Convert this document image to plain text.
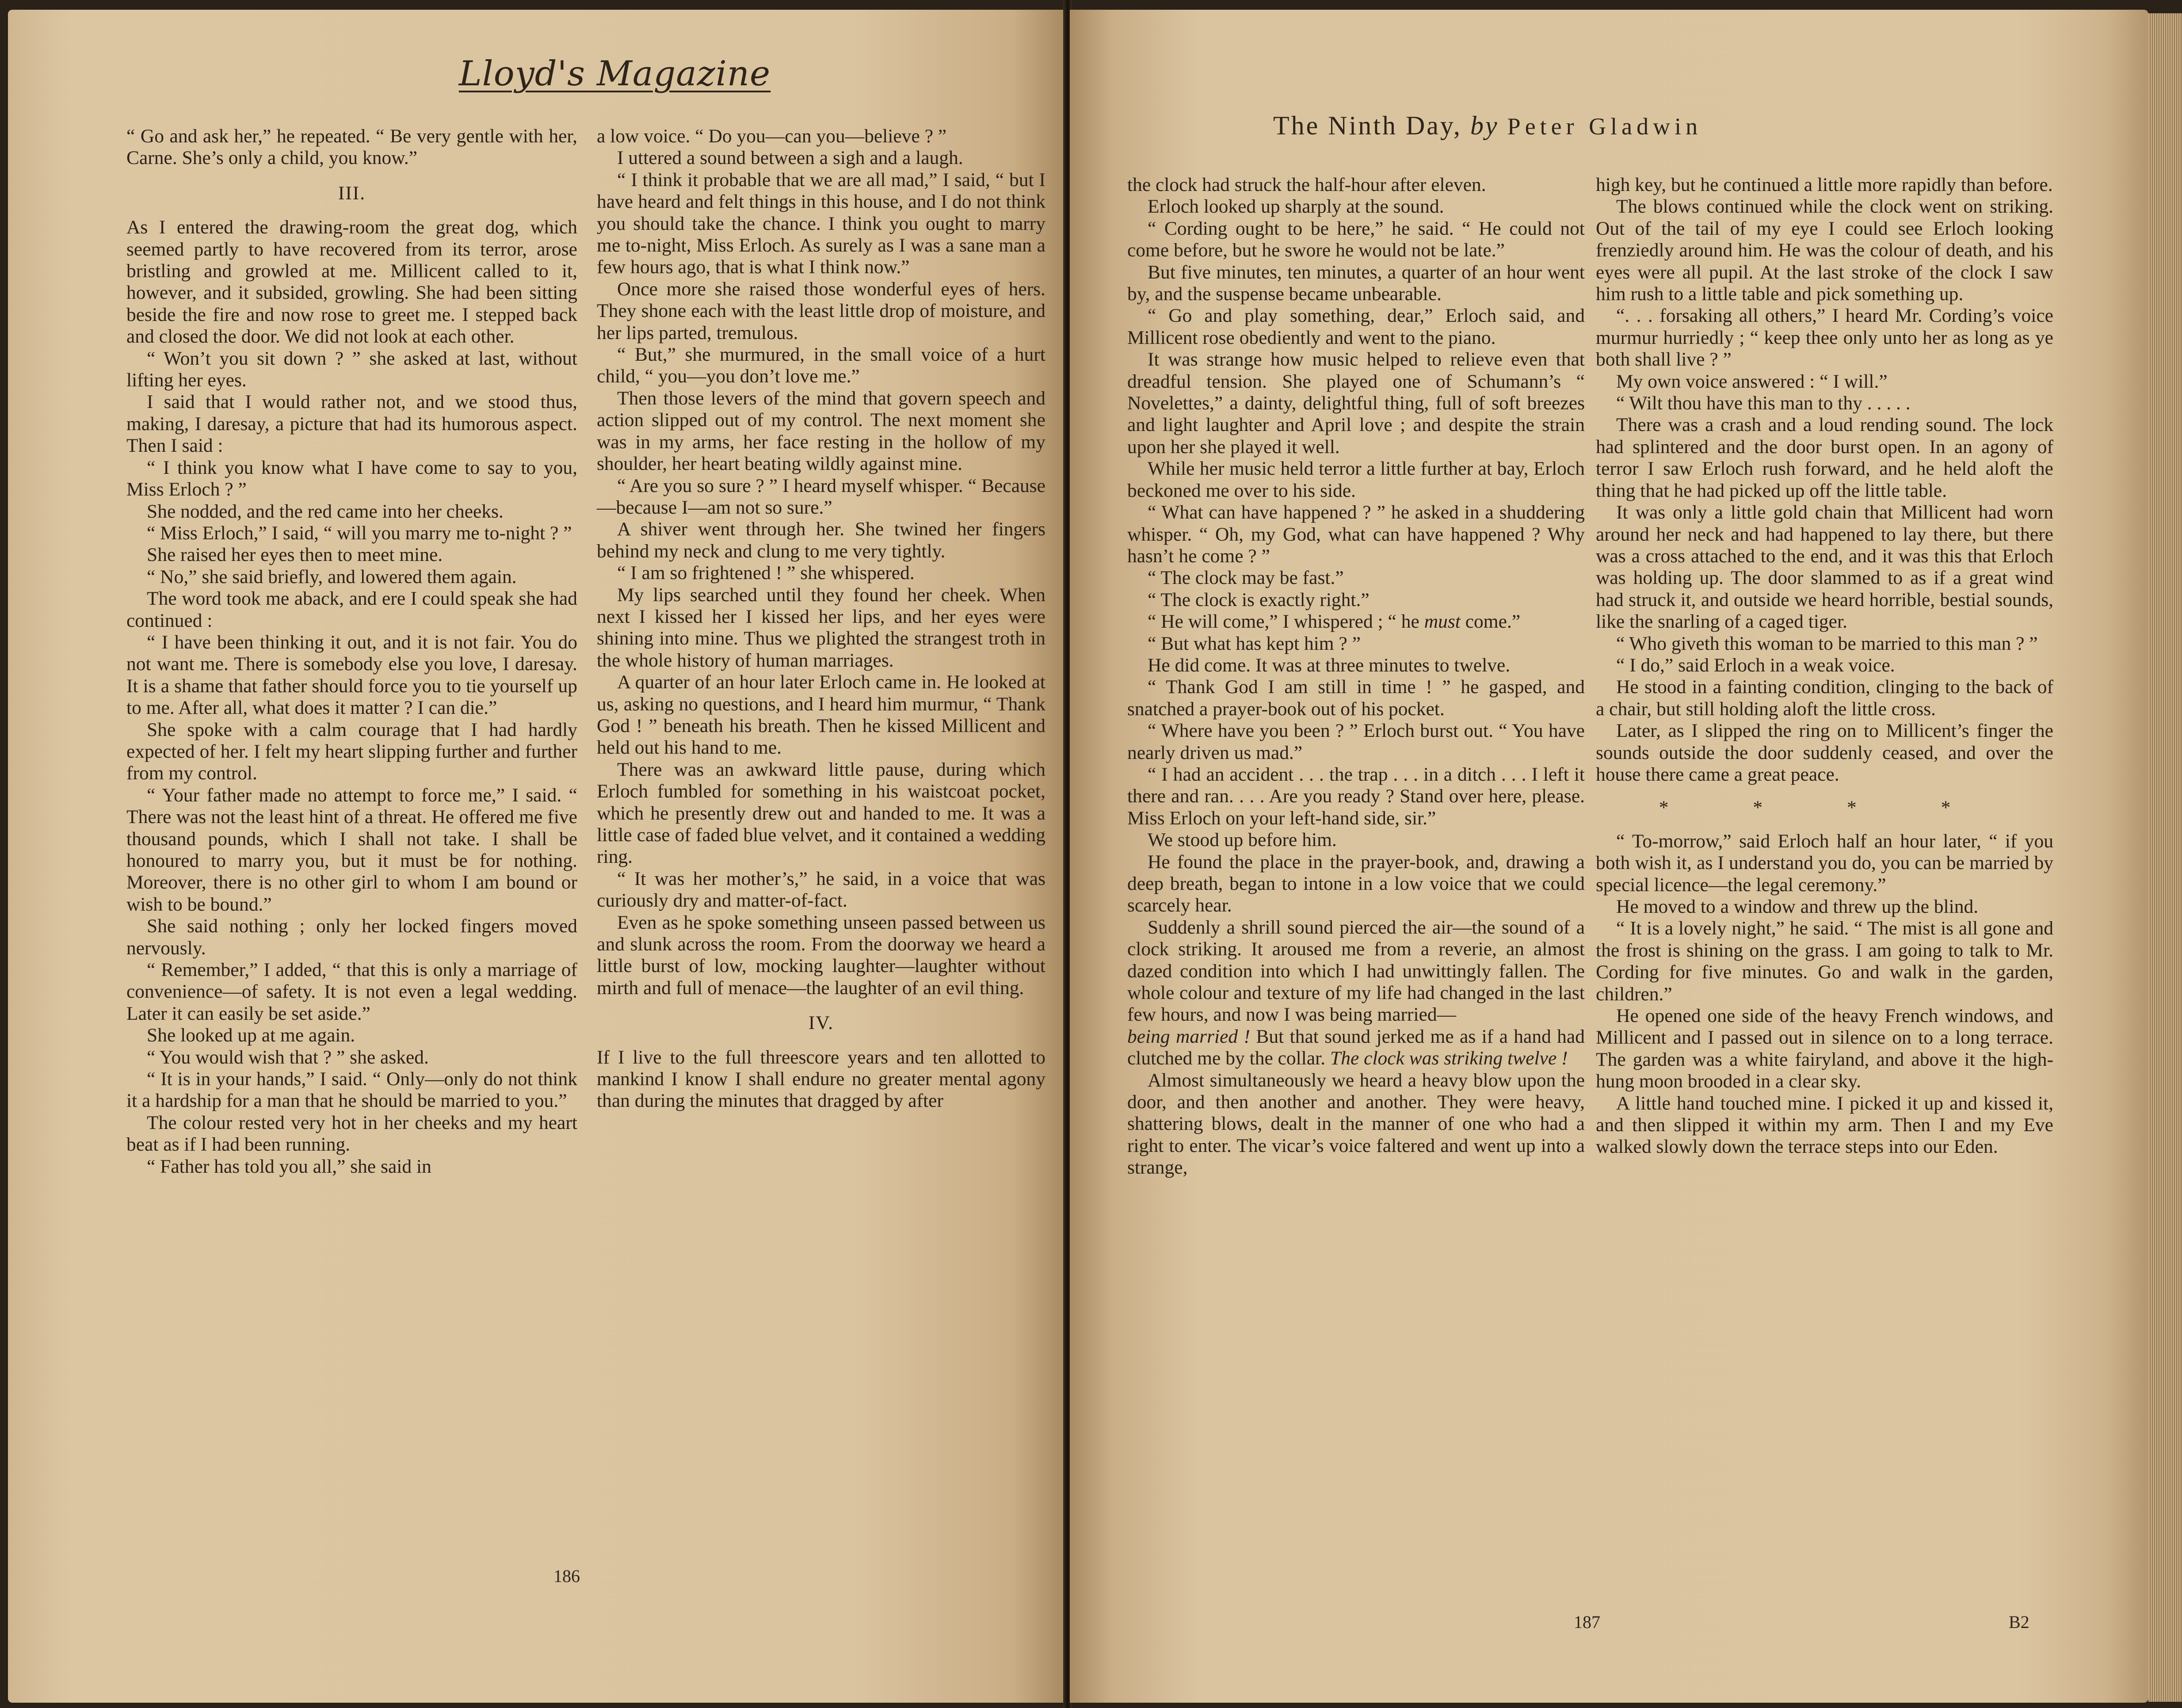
Lloyd's Magazine

“ Go and ask her,” he repeated. “ Be very gentle with her, Carne. She’s only a child, you know.”

III.

As I entered the drawing-room the great dog, which seemed partly to have recovered from its terror, arose bristling and growled at me. Millicent called to it, however, and it subsided, growling. She had been sitting beside the fire and now rose to greet me. I stepped back and closed the door. We did not look at each other.

“ Won’t you sit down ? ” she asked at last, without lifting her eyes.

I said that I would rather not, and we stood thus, making, I daresay, a picture that had its humorous aspect. Then I said :

“ I think you know what I have come to say to you, Miss Erloch ? ”

She nodded, and the red came into her cheeks.

“ Miss Erloch,” I said, “ will you marry me to-night ? ”

She raised her eyes then to meet mine.

“ No,” she said briefly, and lowered them again.

The word took me aback, and ere I could speak she had continued :

“ I have been thinking it out, and it is not fair. You do not want me. There is somebody else you love, I daresay. It is a shame that father should force you to tie yourself up to me. After all, what does it matter ? I can die.”

She spoke with a calm courage that I had hardly expected of her. I felt my heart slipping further and further from my control.

“ Your father made no attempt to force me,” I said. “ There was not the least hint of a threat. He offered me five thousand pounds, which I shall not take. I shall be honoured to marry you, but it must be for nothing. Moreover, there is no other girl to whom I am bound or wish to be bound.”

She said nothing ; only her locked fingers moved nervously.

“ Remember,” I added, “ that this is only a marriage of convenience—of safety. It is not even a legal wedding. Later it can easily be set aside.”

She looked up at me again.

“ You would wish that ? ” she asked.

“ It is in your hands,” I said. “ Only—only do not think it a hardship for a man that he should be married to you.”

The colour rested very hot in her cheeks and my heart beat as if I had been running.

“ Father has told you all,” she said in

a low voice. “ Do you—can you—believe ? ”

I uttered a sound between a sigh and a laugh.

“ I think it probable that we are all mad,” I said, “ but I have heard and felt things in this house, and I do not think you should take the chance. I think you ought to marry me to-night, Miss Erloch. As surely as I was a sane man a few hours ago, that is what I think now.”

Once more she raised those wonderful eyes of hers. They shone each with the least little drop of moisture, and her lips parted, tremulous.

“ But,” she murmured, in the small voice of a hurt child, “ you—you don’t love me.”

Then those levers of the mind that govern speech and action slipped out of my control. The next moment she was in my arms, her face resting in the hollow of my shoulder, her heart beating wildly against mine.

“ Are you so sure ? ” I heard myself whisper. “ Because—because I—am not so sure.”

A shiver went through her. She twined her fingers behind my neck and clung to me very tightly.

“ I am so frightened ! ” she whispered.

My lips searched until they found her cheek. When next I kissed her I kissed her lips, and her eyes were shining into mine. Thus we plighted the strangest troth in the whole history of human marriages.

A quarter of an hour later Erloch came in. He looked at us, asking no questions, and I heard him murmur, “ Thank God ! ” beneath his breath. Then he kissed Millicent and held out his hand to me.

There was an awkward little pause, during which Erloch fumbled for something in his waistcoat pocket, which he presently drew out and handed to me. It was a little case of faded blue velvet, and it contained a wedding ring.

“ It was her mother’s,” he said, in a voice that was curiously dry and matter-of-fact.

Even as he spoke something unseen passed between us and slunk across the room. From the doorway we heard a little burst of low, mocking laughter—laughter without mirth and full of menace—the laughter of an evil thing.

IV.

If I live to the full threescore years and ten allotted to mankind I know I shall endure no greater mental agony than during the minutes that dragged by after

186
The Ninth Day, by Peter Gladwin

the clock had struck the half-hour after eleven.

Erloch looked up sharply at the sound.

“ Cording ought to be here,” he said. “ He could not come before, but he swore he would not be late.”

But five minutes, ten minutes, a quarter of an hour went by, and the suspense became unbearable.

“ Go and play something, dear,” Erloch said, and Millicent rose obediently and went to the piano.

It was strange how music helped to relieve even that dreadful tension. She played one of Schumann’s “ Novelettes,” a dainty, delightful thing, full of soft breezes and light laughter and April love ; and despite the strain upon her she played it well.

While her music held terror a little further at bay, Erloch beckoned me over to his side.

“ What can have happened ? ” he asked in a shuddering whisper. “ Oh, my God, what can have happened ? Why hasn’t he come ? ”

“ The clock may be fast.”

“ The clock is exactly right.”

“ He will come,” I whispered ; “ he must come.”

“ But what has kept him ? ”

He did come. It was at three minutes to twelve.

“ Thank God I am still in time ! ” he gasped, and snatched a prayer-book out of his pocket.

“ Where have you been ? ” Erloch burst out. “ You have nearly driven us mad.”

“ I had an accident . . . the trap . . . in a ditch . . . I left it there and ran. . . . Are you ready ? Stand over here, please. Miss Erloch on your left-hand side, sir.”

We stood up before him.

He found the place in the prayer-book, and, drawing a deep breath, began to intone in a low voice that we could scarcely hear.

Suddenly a shrill sound pierced the air—the sound of a clock striking. It aroused me from a reverie, an almost dazed condition into which I had unwittingly fallen. The whole colour and texture of my life had changed in the last few hours, and now I was being married—

being married ! But that sound jerked me as if a hand had clutched me by the collar. The clock was striking twelve !

Almost simultaneously we heard a heavy blow upon the door, and then another and another. They were heavy, shattering blows, dealt in the manner of one who had a right to enter. The vicar’s voice faltered and went up into a strange,

high key, but he continued a little more rapidly than before.

The blows continued while the clock went on striking. Out of the tail of my eye I could see Erloch looking frenziedly around him. He was the colour of death, and his eyes were all pupil. At the last stroke of the clock I saw him rush to a little table and pick something up.

“. . . forsaking all others,” I heard Mr. Cording’s voice murmur hurriedly ; “ keep thee only unto her as long as ye both shall live ? ”

My own voice answered : “ I will.”

“ Wilt thou have this man to thy . . . . .

There was a crash and a loud rending sound. The lock had splintered and the door burst open. In an agony of terror I saw Erloch rush forward, and he held aloft the thing that he had picked up off the little table.

It was only a little gold chain that Millicent had worn around her neck and had happened to lay there, but there was a cross attached to the end, and it was this that Erloch was holding up. The door slammed to as if a great wind had struck it, and outside we heard horrible, bestial sounds, like the snarling of a caged tiger.

“ Who giveth this woman to be married to this man ? ”

“ I do,” said Erloch in a weak voice.

He stood in a fainting condition, clinging to the back of a chair, but still holding aloft the little cross.

Later, as I slipped the ring on to Millicent’s finger the sounds outside the door suddenly ceased, and over the house there came a great peace.

* * * *

“ To-morrow,” said Erloch half an hour later, “ if you both wish it, as I understand you do, you can be married by special licence—the legal ceremony.”

He moved to a window and threw up the blind.

“ It is a lovely night,” he said. “ The mist is all gone and the frost is shining on the grass. I am going to talk to Mr. Cording for five minutes. Go and walk in the garden, children.”

He opened one side of the heavy French windows, and Millicent and I passed out in silence on to a long terrace. The garden was a white fairyland, and above it the high-hung moon brooded in a clear sky.

A little hand touched mine. I picked it up and kissed it, and then slipped it within my arm. Then I and my Eve walked slowly down the terrace steps into our Eden.

187	B2
